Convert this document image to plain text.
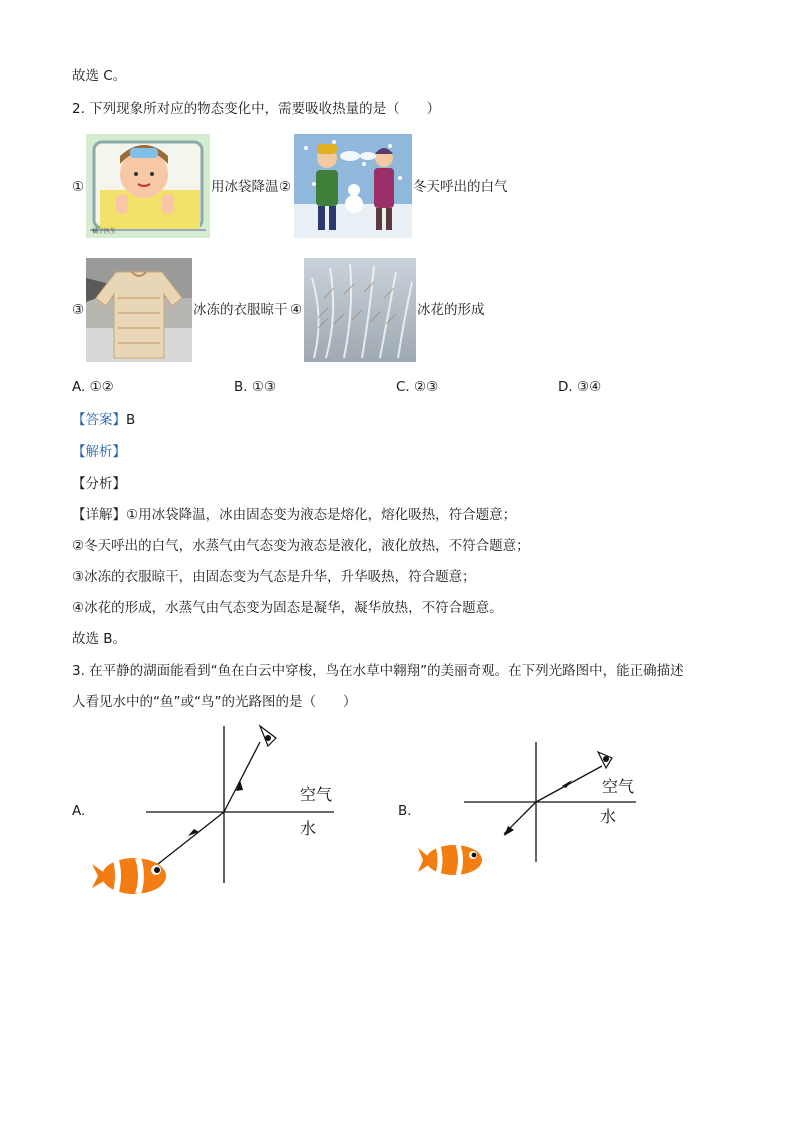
故选 C。
2. 下列现象所对应的物态变化中，需要吸收热量的是（　　）
①
橘子医生
用冰袋降温 ②	冬天呼出的白气
③	冰冻的衣服晾干 ④	冰花的形成
A. ①②	B. ①③	C. ②③	D. ③④
【答案】B
【解析】
【分析】
【详解】①用冰袋降温，冰由固态变为液态是熔化，熔化吸热，符合题意；
②冬天呼出的白气，水蒸气由气态变为液态是液化，液化放热，不符合题意；
③冰冻的衣服晾干，由固态变为气态是升华，升华吸热，符合题意；
④冰花的形成，水蒸气由气态变为固态是凝华，凝华放热，不符合题意。
故选 B。
3. 在平静的湖面能看到“鱼在白云中穿梭，鸟在水草中翱翔”的美丽奇观。在下列光路图中，能正确描述
人看见水中的“鱼”或“鸟”的光路图的是（　　）
A.
空气
水
B.
空气
水
